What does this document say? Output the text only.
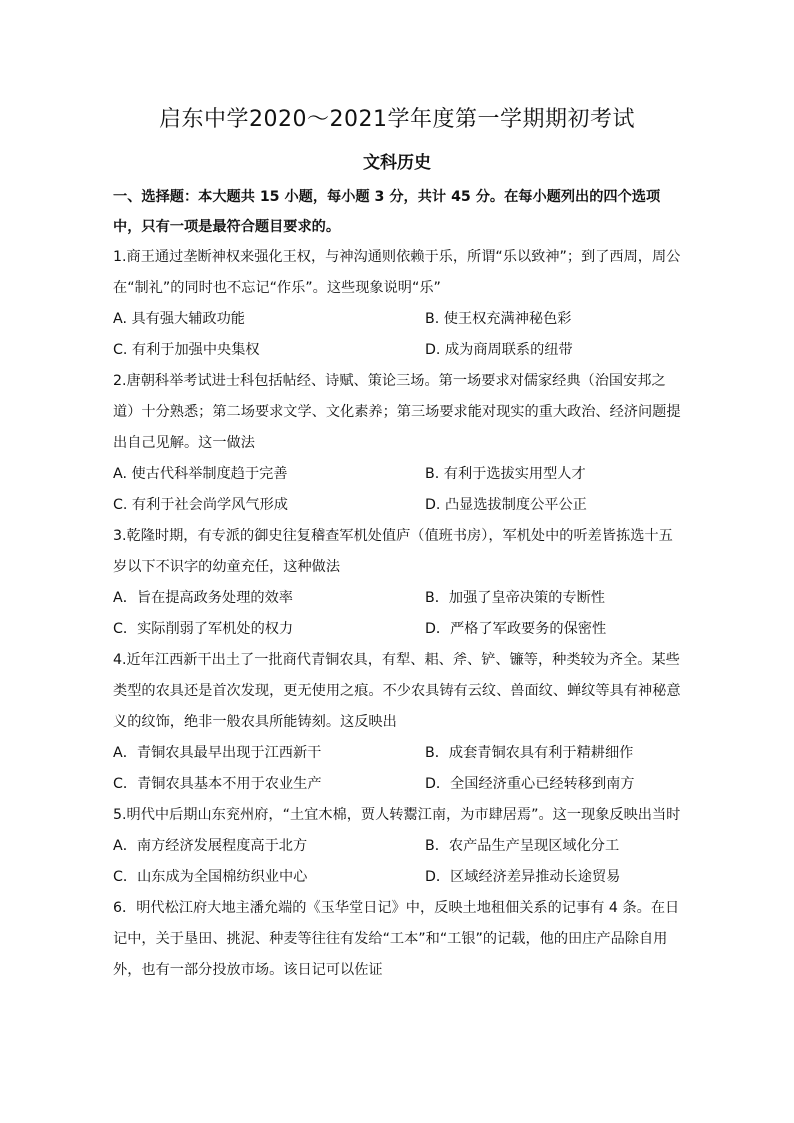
启东中学2020～2021学年度第一学期期初考试
文科历史

一、选择题：本大题共 15 小题，每小题 3 分，共计 45 分。在每小题列出的四个选项中，只有一项是最符合题目要求的。

1.商王通过垄断神权来强化王权，与神沟通则依赖于乐，所谓“乐以致神”；到了西周，周公在“制礼”的同时也不忘记“作乐”。这些现象说明“乐”

A. 具有强大辅政功能	B. 使王权充满神秘色彩
C. 有利于加强中央集权	D. 成为商周联系的纽带

2.唐朝科举考试进士科包括帖经、诗赋、策论三场。第一场要求对儒家经典（治国安邦之道）十分熟悉；第二场要求文学、文化素养；第三场要求能对现实的重大政治、经济问题提出自己见解。这一做法

A. 使古代科举制度趋于完善	B. 有利于选拔实用型人才
C. 有利于社会尚学风气形成	D. 凸显选拔制度公平公正

3.乾隆时期，有专派的御史往复稽查军机处值庐（值班书房），军机处中的听差皆拣选十五岁以下不识字的幼童充任，这种做法

A．旨在提高政务处理的效率	B．加强了皇帝决策的专断性
C．实际削弱了军机处的权力	D．严格了军政要务的保密性

4.近年江西新干出土了一批商代青铜农具，有犁、耜、斧、铲、镰等，种类较为齐全。某些类型的农具还是首次发现，更无使用之痕。不少农具铸有云纹、兽面纹、蝉纹等具有神秘意义的纹饰，绝非一般农具所能铸刻。这反映出

A．青铜农具最早出现于江西新干	B．成套青铜农具有利于精耕细作
C．青铜农具基本不用于农业生产	D．全国经济重心已经转移到南方

5.明代中后期山东兖州府，“土宜木棉，贾人转鬻江南，为市肆居焉”。这一现象反映出当时

A．南方经济发展程度高于北方	B．农产品生产呈现区域化分工
C．山东成为全国棉纺织业中心	D．区域经济差异推动长途贸易

6．明代松江府大地主潘允端的《玉华堂日记》中，反映土地租佃关系的记事有 4 条。在日记中，关于垦田、挑泥、种麦等往往有发给“工本”和“工银”的记载，他的田庄产品除自用外，也有一部分投放市场。该日记可以佐证
